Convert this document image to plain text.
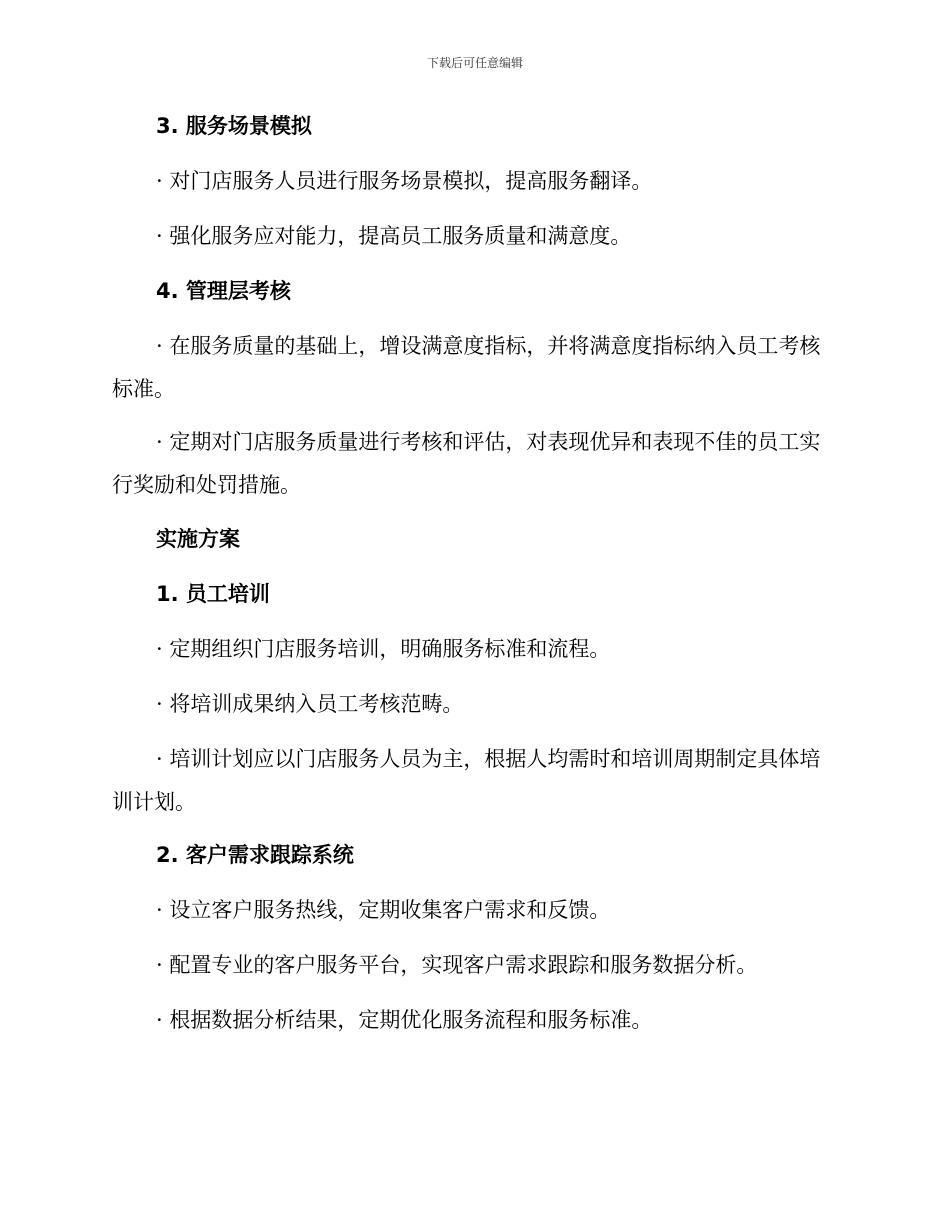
下载后可任意编辑
3. 服务场景模拟
· 对门店服务人员进行服务场景模拟，提高服务翻译。
· 强化服务应对能力，提高员工服务质量和满意度。
4. 管理层考核
· 在服务质量的基础上，增设满意度指标，并将满意度指标纳入员工考核标准。
· 定期对门店服务质量进行考核和评估，对表现优异和表现不佳的员工实行奖励和处罚措施。
实施方案
1. 员工培训
· 定期组织门店服务培训，明确服务标准和流程。
· 将培训成果纳入员工考核范畴。
· 培训计划应以门店服务人员为主，根据人均需时和培训周期制定具体培训计划。
2. 客户需求跟踪系统
· 设立客户服务热线，定期收集客户需求和反馈。
· 配置专业的客户服务平台，实现客户需求跟踪和服务数据分析。
· 根据数据分析结果，定期优化服务流程和服务标准。
